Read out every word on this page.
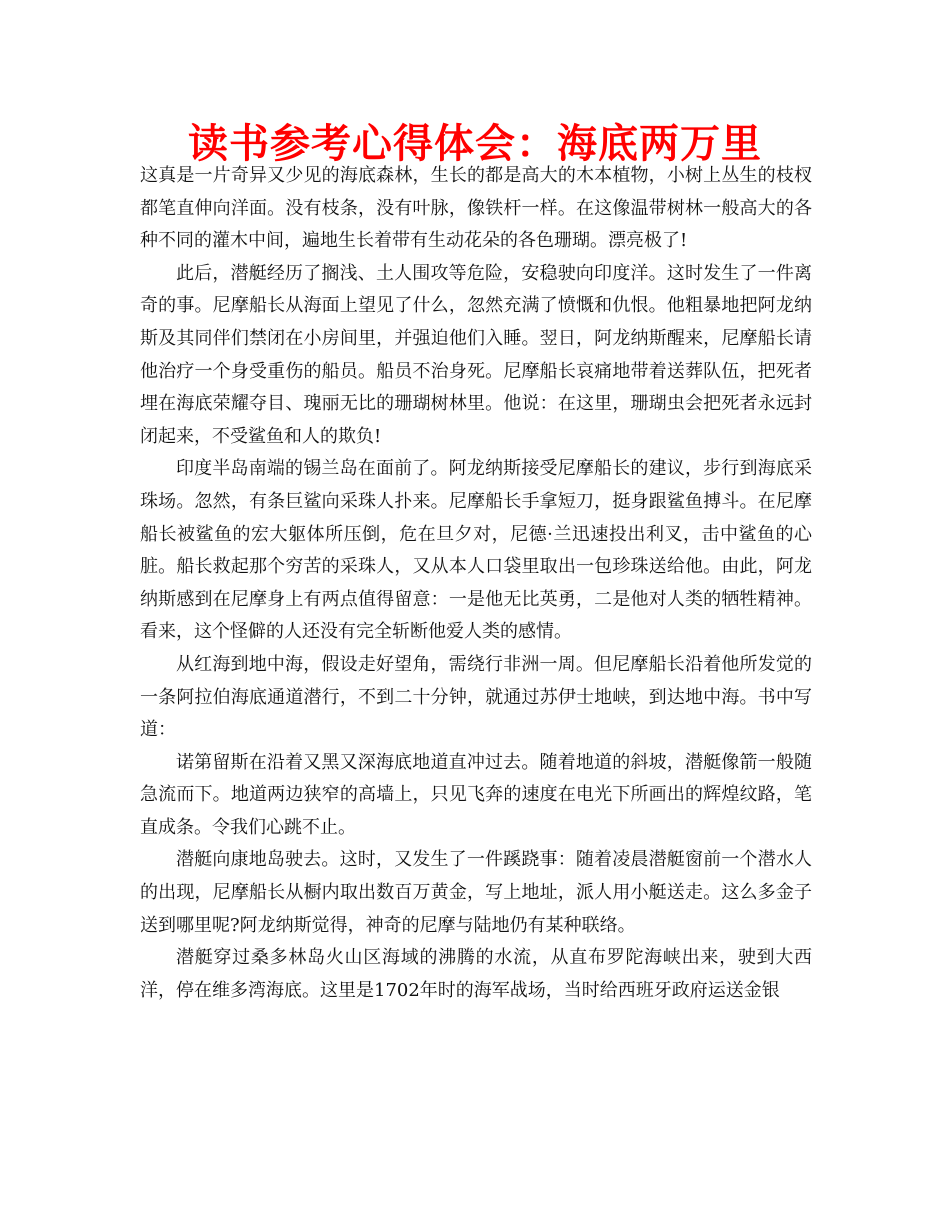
读书参考心得体会：海底两万里

这真是一片奇异又少见的海底森林，生长的都是高大的木本植物，小树上丛生的枝杈都笔直伸向洋面。没有枝条，没有叶脉，像铁杆一样。在这像温带树林一般高大的各种不同的灌木中间，遍地生长着带有生动花朵的各色珊瑚。漂亮极了!

此后，潜艇经历了搁浅、土人围攻等危险，安稳驶向印度洋。这时发生了一件离奇的事。尼摩船长从海面上望见了什么，忽然充满了愤慨和仇恨。他粗暴地把阿龙纳斯及其同伴们禁闭在小房间里，并强迫他们入睡。翌日，阿龙纳斯醒来，尼摩船长请他治疗一个身受重伤的船员。船员不治身死。尼摩船长哀痛地带着送葬队伍，把死者埋在海底荣耀夺目、瑰丽无比的珊瑚树林里。他说：在这里，珊瑚虫会把死者永远封闭起来，不受鲨鱼和人的欺负!

印度半岛南端的锡兰岛在面前了。阿龙纳斯接受尼摩船长的建议，步行到海底采珠场。忽然，有条巨鲨向采珠人扑来。尼摩船长手拿短刀，挺身跟鲨鱼搏斗。在尼摩船长被鲨鱼的宏大躯体所压倒，危在旦夕对，尼德·兰迅速投出利叉，击中鲨鱼的心脏。船长救起那个穷苦的采珠人，又从本人口袋里取出一包珍珠送给他。由此，阿龙纳斯感到在尼摩身上有两点值得留意：一是他无比英勇，二是他对人类的牺牲精神。看来，这个怪僻的人还没有完全斩断他爱人类的感情。

从红海到地中海，假设走好望角，需绕行非洲一周。但尼摩船长沿着他所发觉的一条阿拉伯海底通道潜行，不到二十分钟，就通过苏伊士地峡，到达地中海。书中写道：

诺第留斯在沿着又黑又深海底地道直冲过去。随着地道的斜坡，潜艇像箭一般随急流而下。地道两边狭窄的高墙上，只见飞奔的速度在电光下所画出的辉煌纹路，笔直成条。令我们心跳不止。

潜艇向康地岛驶去。这时，又发生了一件蹊跷事：随着凌晨潜艇窗前一个潜水人的出现，尼摩船长从橱内取出数百万黄金，写上地址，派人用小艇送走。这么多金子送到哪里呢?阿龙纳斯觉得，神奇的尼摩与陆地仍有某种联络。

潜艇穿过桑多林岛火山区海域的沸腾的水流，从直布罗陀海峡出来，驶到大西洋，停在维多湾海底。这里是1702年时的海军战场，当时给西班牙政府运送金银
